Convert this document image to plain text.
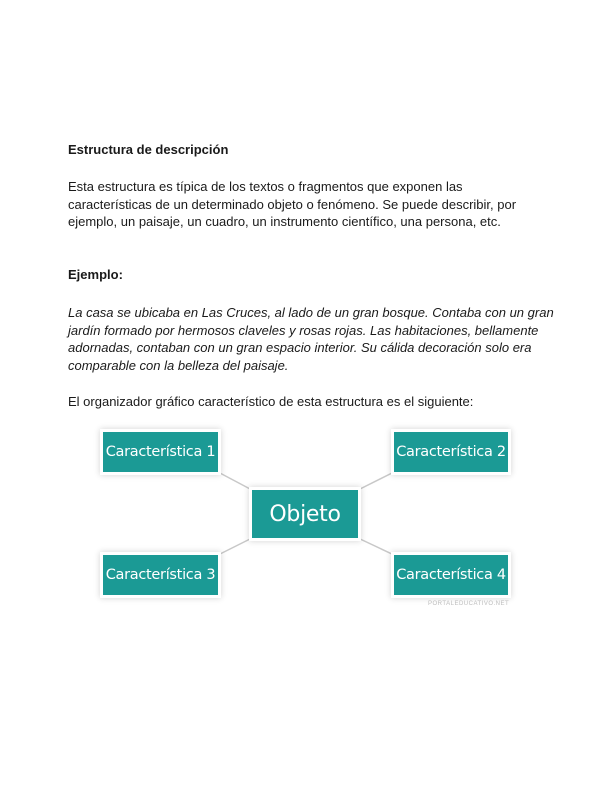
Estructura de descripción
Esta estructura es típica de los textos o fragmentos que exponen las características de un determinado objeto o fenómeno. Se puede describir, por ejemplo, un paisaje, un cuadro, un instrumento científico, una persona, etc.
Ejemplo:
La casa se ubicaba en Las Cruces, al lado de un gran bosque. Contaba con un gran jardín formado por hermosos claveles y rosas rojas. Las habitaciones, bellamente adornadas, contaban con un gran espacio interior. Su cálida decoración solo era comparable con la belleza del paisaje.
El organizador gráfico característico de esta estructura es el siguiente:
Característica 1	Característica 2
Objeto
Característica 3	Característica 4
PORTALEDUCATIVO.NET
